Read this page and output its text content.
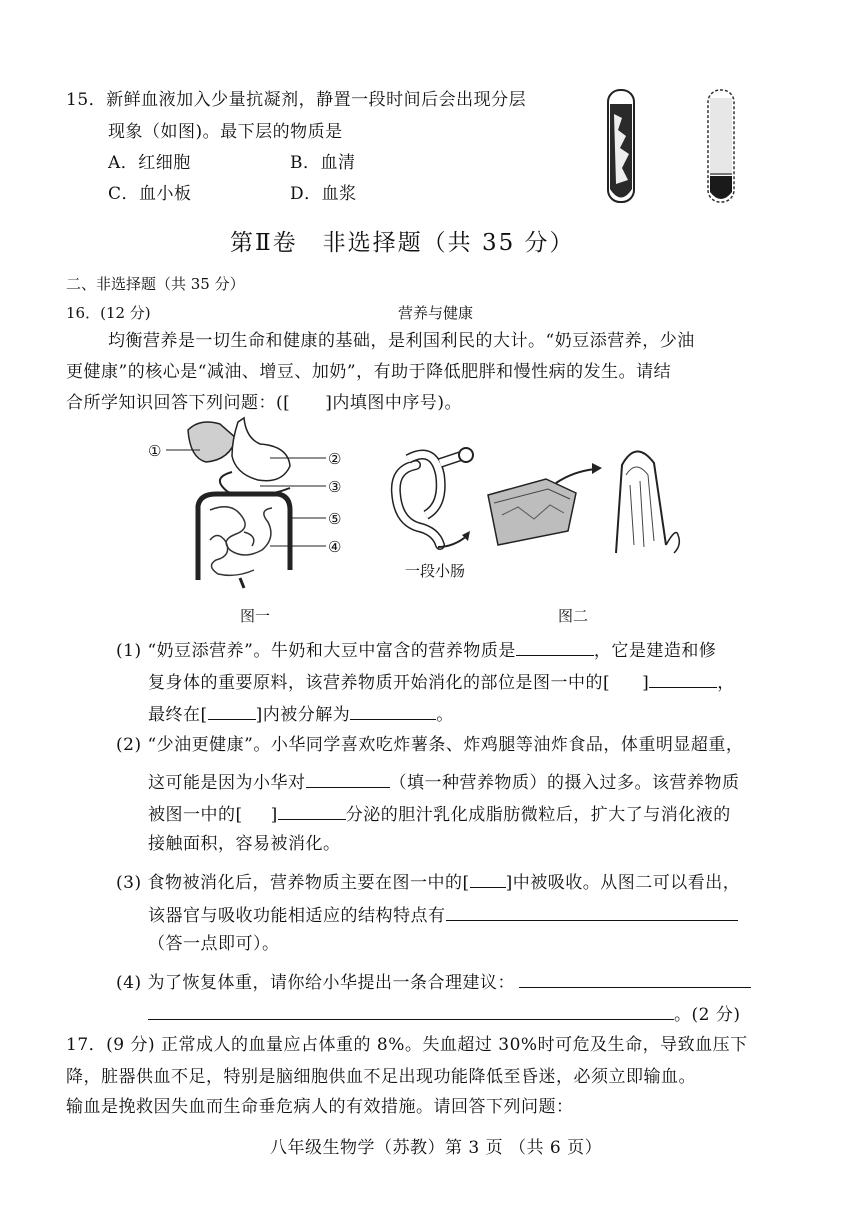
15．新鲜血液加入少量抗凝剂，静置一段时间后会出现分层
现象（如图)。最下层的物质是
A．红细胞	B．血清
C．血小板	D．血浆
第Ⅱ卷　非选择题（共 35 分）
二、非选择题（共 35 分）
16．(12 分)	营养与健康
均衡营养是一切生命和健康的基础，是利国利民的大计。“奶豆添营养，少油
更健康”的核心是“减油、增豆、加奶”，有助于降低肥胖和慢性病的发生。请结
合所学知识回答下列问题：([　　]内填图中序号)。
①	②
③
⑤
④
图一
一段小肠
图二
(1) “奶豆添营养”。牛奶和大豆中富含的营养物质是	，它是建造和修
复身体的重要原料，该营养物质开始消化的部位是图一中的[ ]	，
最终在[	]内被分解为	。
(2) “少油更健康”。小华同学喜欢吃炸薯条、炸鸡腿等油炸食品，体重明显超重，
这可能是因为小华对	（填一种营养物质）的摄入过多。该营养物质
被图一中的[ ]	分泌的胆汁乳化成脂肪微粒后，扩大了与消化液的
接触面积，容易被消化。
(3) 食物被消化后，营养物质主要在图一中的[ ]中被吸收。从图二可以看出，
该器官与吸收功能相适应的结构特点有
（答一点即可）。
(4) 为了恢复体重，请你给小华提出一条合理建议：
。(2 分)
17．(9 分) 正常成人的血量应占体重的 8%。失血超过 30%时可危及生命，导致血压下
降，脏器供血不足，特别是脑细胞供血不足出现功能降低至昏迷，必须立即输血。
输血是挽救因失血而生命垂危病人的有效措施。请回答下列问题：
八年级生物学（苏教）第 3 页 （共 6 页）
